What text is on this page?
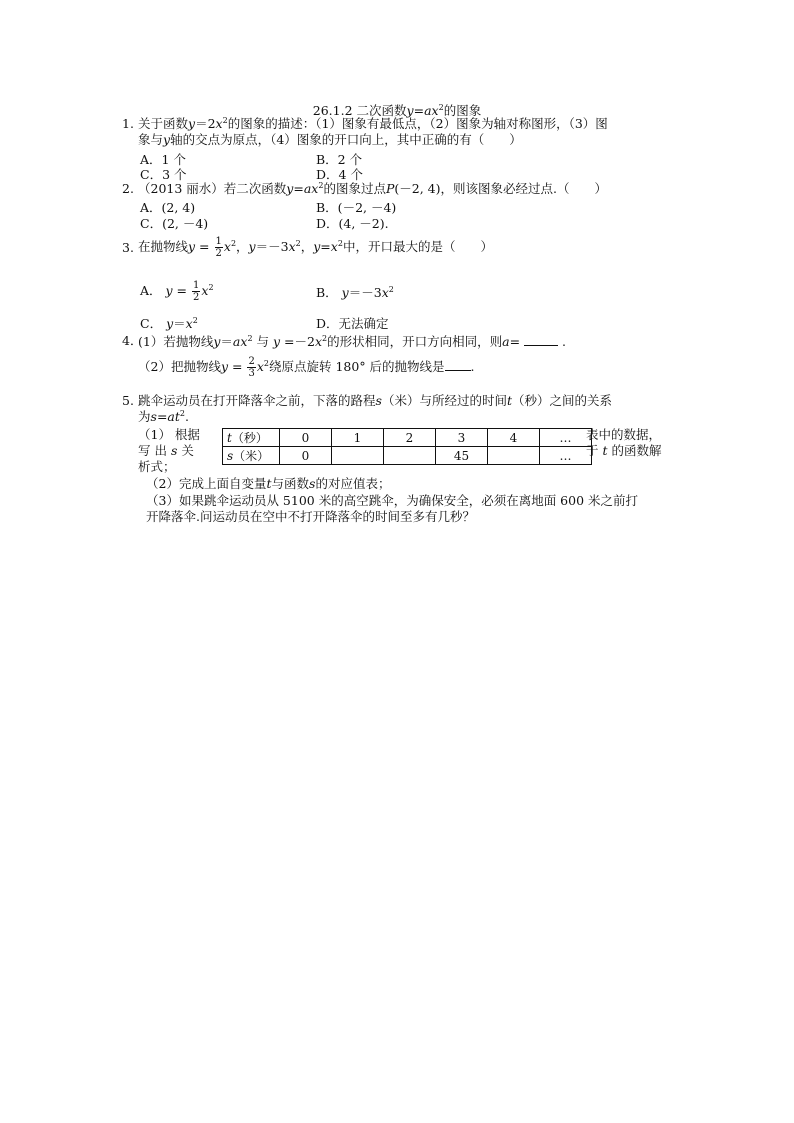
26.1.2 二次函数$y=ax^2$的图象
1. 关于函数$y=2x^2$的图象的描述：（1）图象有最低点，（2）图象为轴对称图形，（3）图
象与y轴的交点为原点，（4）图象的开口向上，其中正确的有（　　）
A．1 个	B．2 个
C．3 个	D．4 个
2. （2013 丽水）若二次函数$y=ax^2$的图象过点P(－2, 4)，则该图象必经过点.（　　）
A．(2, 4)	B．(－2, －4)
C．(2, －4)	D．(4, －2).
3. 在抛物线$y = \frac{1}{2} x^2$，$y=-3x^2$，$y=x^2$中，开口最大的是（　　）
A． $y = \frac{1}{2} x^2$	B． $y=-3x^2$
C． $y=x^2$	D．无法确定
4．
(1）若抛物线$y=ax^2$ 与 $y =-2x^2$的形状相同，开口方向相同，则a=	.
（2）把抛物线$y = \frac{2}{3} x^2$绕原点旋转 180° 后的抛物线是 .
5. 跳伞运动员在打开降落伞之前，下落的路程s（米）与所经过的时间t（秒）之间的关系
为$s=at^2$.
（1） 根据
写 出 s 关
析式；
t（秒）	0	1	2	3	4	…
s（米）	0			45		…
表中的数据，
于 t 的函数解
（2）完成上面自变量t与函数s的对应值表；
（3）如果跳伞运动员从 5100 米的高空跳伞，为确保安全，必须在离地面 600 米之前打
开降落伞.问运动员在空中不打开降落伞的时间至多有几秒？
